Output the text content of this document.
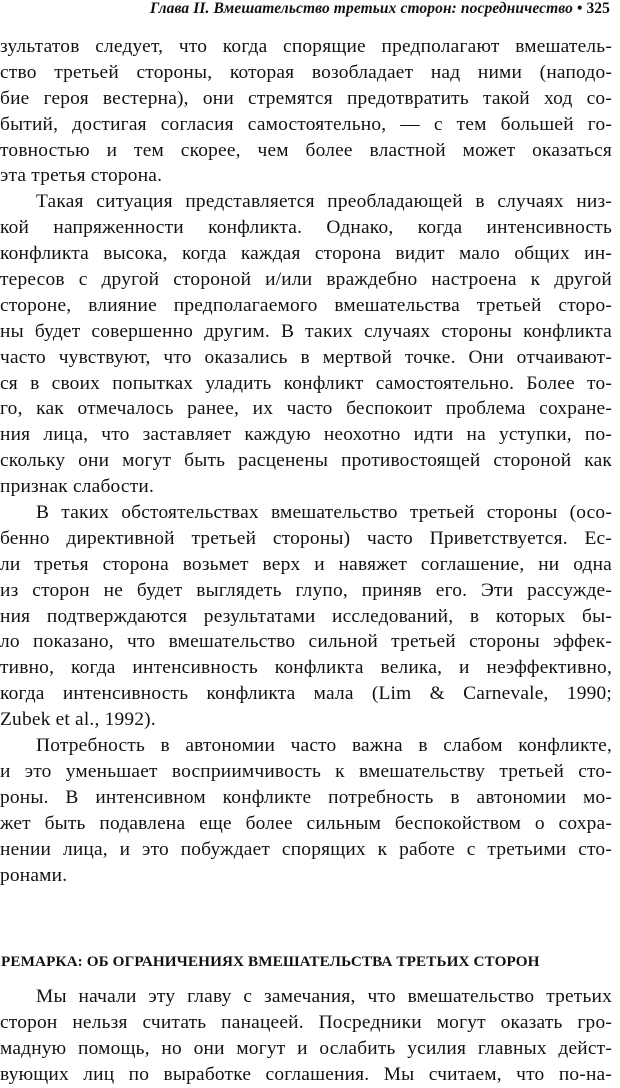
Глава II. Вмешательство третьих сторон: посредничество • 325
зультатов следует, что когда спорящие предполагают вмешатель-
ство третьей стороны, которая возобладает над ними (наподо-
бие героя вестерна), они стремятся предотвратить такой ход со-
бытий, достигая согласия самостоятельно, — с тем большей го-
товностью и тем скорее, чем более властной может оказаться
эта третья сторона.
Такая ситуация представляется преобладающей в случаях низ-
кой напряженности конфликта. Однако, когда интенсивность
конфликта высока, когда каждая сторона видит мало общих ин-
тересов с другой стороной и/или враждебно настроена к другой
стороне, влияние предполагаемого вмешательства третьей сторо-
ны будет совершенно другим. В таких случаях стороны конфликта
часто чувствуют, что оказались в мертвой точке. Они отчаивают-
ся в своих попытках уладить конфликт самостоятельно. Более то-
го, как отмечалось ранее, их часто беспокоит проблема сохране-
ния лица, что заставляет каждую неохотно идти на уступки, по-
скольку они могут быть расценены противостоящей стороной как
признак слабости.
В таких обстоятельствах вмешательство третьей стороны (осо-
бенно директивной третьей стороны) часто Приветствуется. Ес-
ли третья сторона возьмет верх и навяжет соглашение, ни одна
из сторон не будет выглядеть глупо, приняв его. Эти рассужде-
ния подтверждаются результатами исследований, в которых бы-
ло показано, что вмешательство сильной третьей стороны эффек-
тивно, когда интенсивность конфликта велика, и неэффективно,
когда интенсивность конфликта мала (Lim & Carnevale, 1990;
Zubek et al., 1992).
Потребность в автономии часто важна в слабом конфликте,
и это уменьшает восприимчивость к вмешательству третьей сто-
роны. В интенсивном конфликте потребность в автономии мо-
жет быть подавлена еще более сильным беспокойством о сохра-
нении лица, и это побуждает спорящих к работе с третьими сто-
ронами.
РЕМАРКА: ОБ ОГРАНИЧЕНИЯХ ВМЕШАТЕЛЬСТВА ТРЕТЬИХ СТОРОН
Мы начали эту главу с замечания, что вмешательство третьих
сторон нельзя считать панацеей. Посредники могут оказать гро-
мадную помощь, но они могут и ослабить усилия главных дейст-
вующих лиц по выработке соглашения. Мы считаем, что по-на-
